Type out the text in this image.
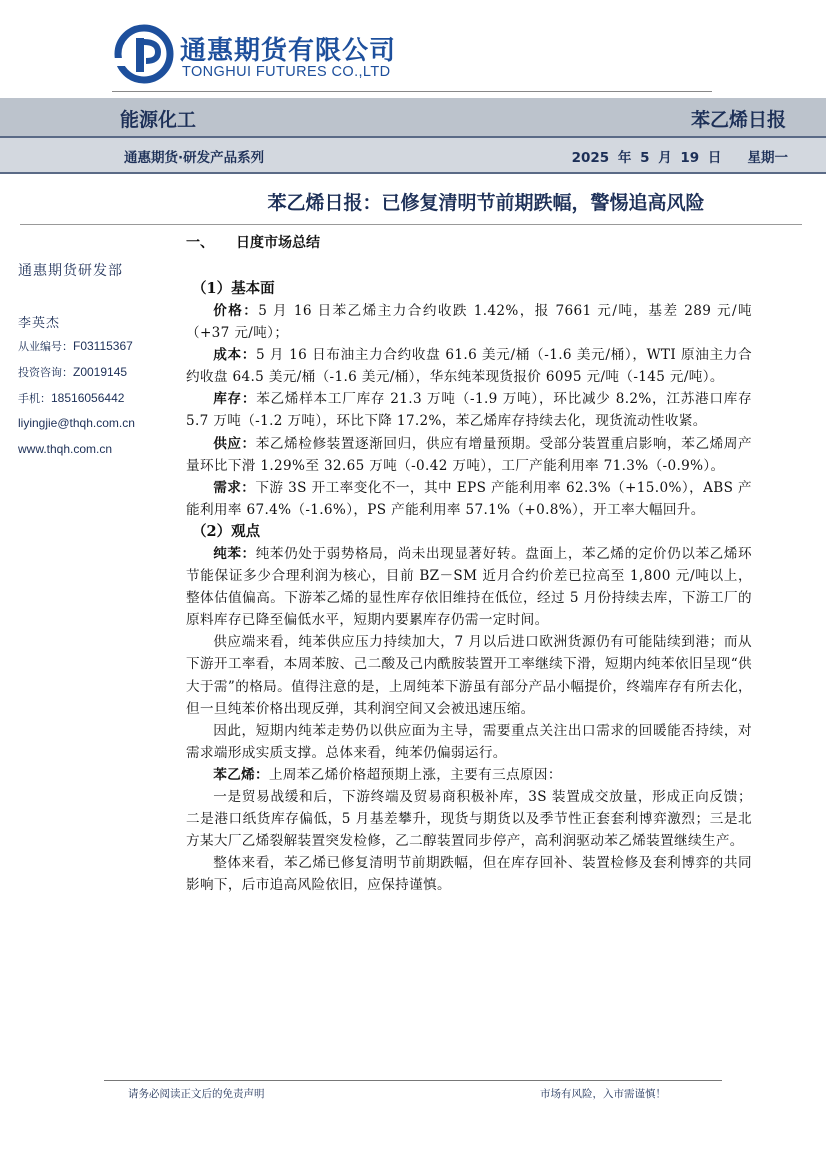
通惠期货有限公司
TONGHUI FUTURES CO.,LTD
能源化工	苯乙烯日报
通惠期货·研发产品系列	2025 年 5 月 19 日 星期一
苯乙烯日报：已修复清明节前期跌幅，警惕追高风险
通惠期货研发部
李英杰
从业编号：F03115367
投资咨询：Z0019145
手机：18516056442
liyingjie@thqh.com.cn
www.thqh.com.cn
一、 日度市场总结
（1）基本面

价格：5 月 16 日苯乙烯主力合约收跌 1.42%，报 7661 元/吨，基差 289 元/吨（+37 元/吨）；

成本：5 月 16 日布油主力合约收盘 61.6 美元/桶（-1.6 美元/桶），WTI 原油主力合约收盘 64.5 美元/桶（-1.6 美元/桶），华东纯苯现货报价 6095 元/吨（-145 元/吨）。

库存：苯乙烯样本工厂库存 21.3 万吨（-1.9 万吨），环比减少 8.2%，江苏港口库存 5.7 万吨（-1.2 万吨），环比下降 17.2%，苯乙烯库存持续去化，现货流动性收紧。

供应：苯乙烯检修装置逐渐回归，供应有增量预期。受部分装置重启影响，苯乙烯周产量环比下滑 1.29%至 32.65 万吨（-0.42 万吨），工厂产能利用率 71.3%（-0.9%）。

需求：下游 3S 开工率变化不一，其中 EPS 产能利用率 62.3%（+15.0%），ABS 产能利用率 67.4%（-1.6%），PS 产能利用率 57.1%（+0.8%），开工率大幅回升。

（2）观点

纯苯：纯苯仍处于弱势格局，尚未出现显著好转。盘面上，苯乙烯的定价仍以苯乙烯环节能保证多少合理利润为核心，目前 BZ－SM 近月合约价差已拉高至 1,800 元/吨以上，整体估值偏高。下游苯乙烯的显性库存依旧维持在低位，经过 5 月份持续去库，下游工厂的原料库存已降至偏低水平，短期内要累库存仍需一定时间。

供应端来看，纯苯供应压力持续加大，7 月以后进口欧洲货源仍有可能陆续到港；而从下游开工率看，本周苯胺、己二酸及己内酰胺装置开工率继续下滑，短期内纯苯依旧呈现“供大于需”的格局。值得注意的是，上周纯苯下游虽有部分产品小幅提价，终端库存有所去化，但一旦纯苯价格出现反弹，其利润空间又会被迅速压缩。

因此，短期内纯苯走势仍以供应面为主导，需要重点关注出口需求的回暖能否持续，对需求端形成实质支撑。总体来看，纯苯仍偏弱运行。

苯乙烯：上周苯乙烯价格超预期上涨，主要有三点原因：

一是贸易战缓和后，下游终端及贸易商积极补库，3S 装置成交放量，形成正向反馈；二是港口纸货库存偏低，5 月基差攀升，现货与期货以及季节性正套套利博弈激烈；三是北方某大厂乙烯裂解装置突发检修，乙二醇装置同步停产，高利润驱动苯乙烯装置继续生产。

整体来看，苯乙烯已修复清明节前期跌幅，但在库存回补、装置检修及套利博弈的共同影响下，后市追高风险依旧，应保持谨慎。

请务必阅读正文后的免责声明	市场有风险，入市需谨慎！
